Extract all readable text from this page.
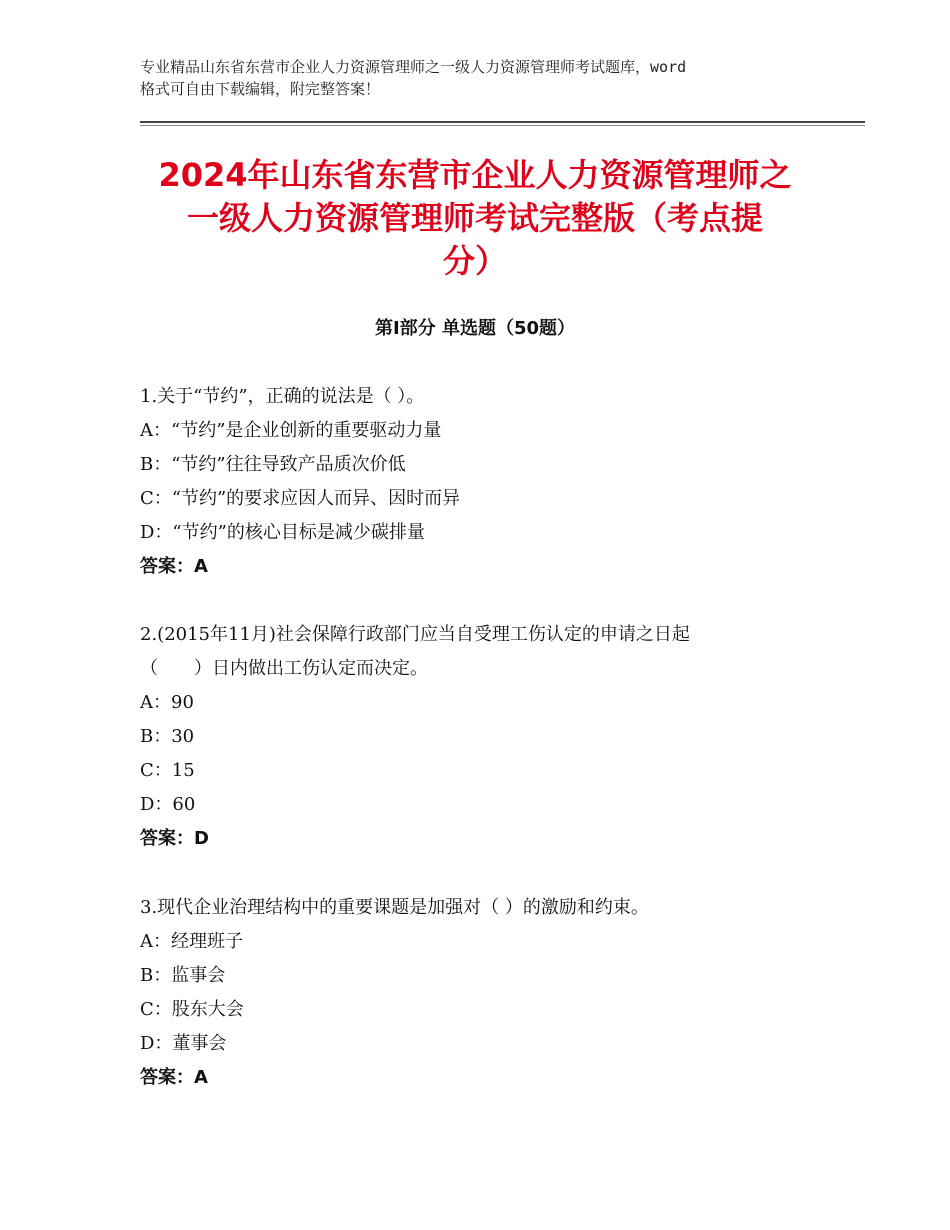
专业精品山东省东营市企业人力资源管理师之一级人力资源管理师考试题库，word

格式可自由下载编辑，附完整答案！

2024年山东省东营市企业人力资源管理师之

一级人力资源管理师考试完整版（考点提

分）

第Ⅰ部分 单选题（50题）

1.关于“节约”，正确的说法是（ ）。

A：“节约”是企业创新的重要驱动力量

B：“节约”往往导致产品质次价低

C：“节约”的要求应因人而异、因时而异

D：“节约”的核心目标是减少碳排量

答案：A

2.(2015年11月)社会保障行政部门应当自受理工伤认定的申请之日起

（　　）日内做出工伤认定而决定。

A：90

B：30

C：15

D：60

答案：D

3.现代企业治理结构中的重要课题是加强对（ ）的激励和约束。

A：经理班子

B：监事会

C：股东大会

D：董事会

答案：A
